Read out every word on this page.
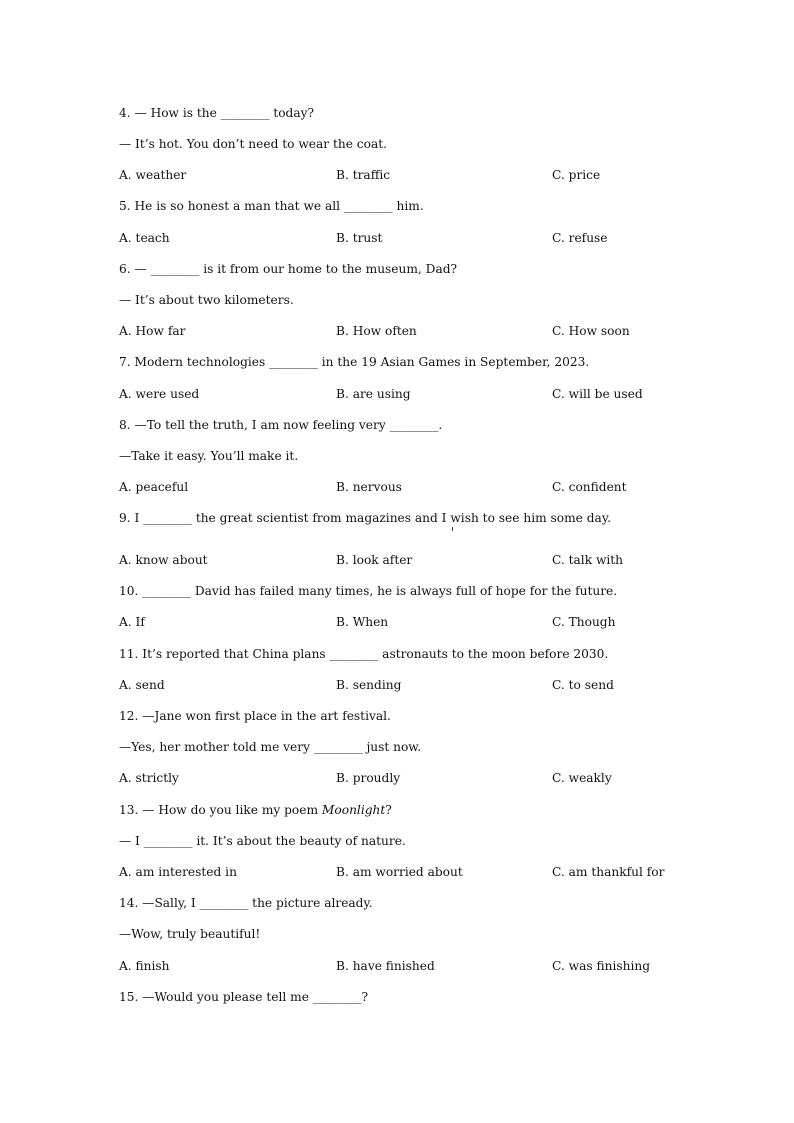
4. — How is the ________ today?
— It’s hot. You don’t need to wear the coat.
A. weather	B. traffic	C. price
5. He is so honest a man that we all ________ him.
A. teach	B. trust	C. refuse
6. — ________ is it from our home to the museum, Dad?
— It’s about two kilometers.
A. How far	B. How often	C. How soon
7. Modern technologies ________ in the 19 Asian Games in September, 2023.
A. were used	B. are using	C. will be used
8. —To tell the truth, I am now feeling very ________.
—Take it easy. You’ll make it.
A. peaceful	B. nervous	C. confident
9. I ________ the great scientist from magazines and I wish to see him some day.
A. know about	B. look after	C. talk with
10. ________ David has failed many times, he is always full of hope for the future.
A. If	B. When	C. Though
11. It’s reported that China plans ________ astronauts to the moon before 2030.
A. send	B. sending	C. to send
12. —Jane won first place in the art festival.
—Yes, her mother told me very ________ just now.
A. strictly	B. proudly	C. weakly
13. — How do you like my poem Moonlight?
— I ________ it. It’s about the beauty of nature.
A. am interested in	B. am worried about	C. am thankful for
14. —Sally, I ________ the picture already.
—Wow, truly beautiful!
A. finish	B. have finished	C. was finishing
15. —Would you please tell me ________?
